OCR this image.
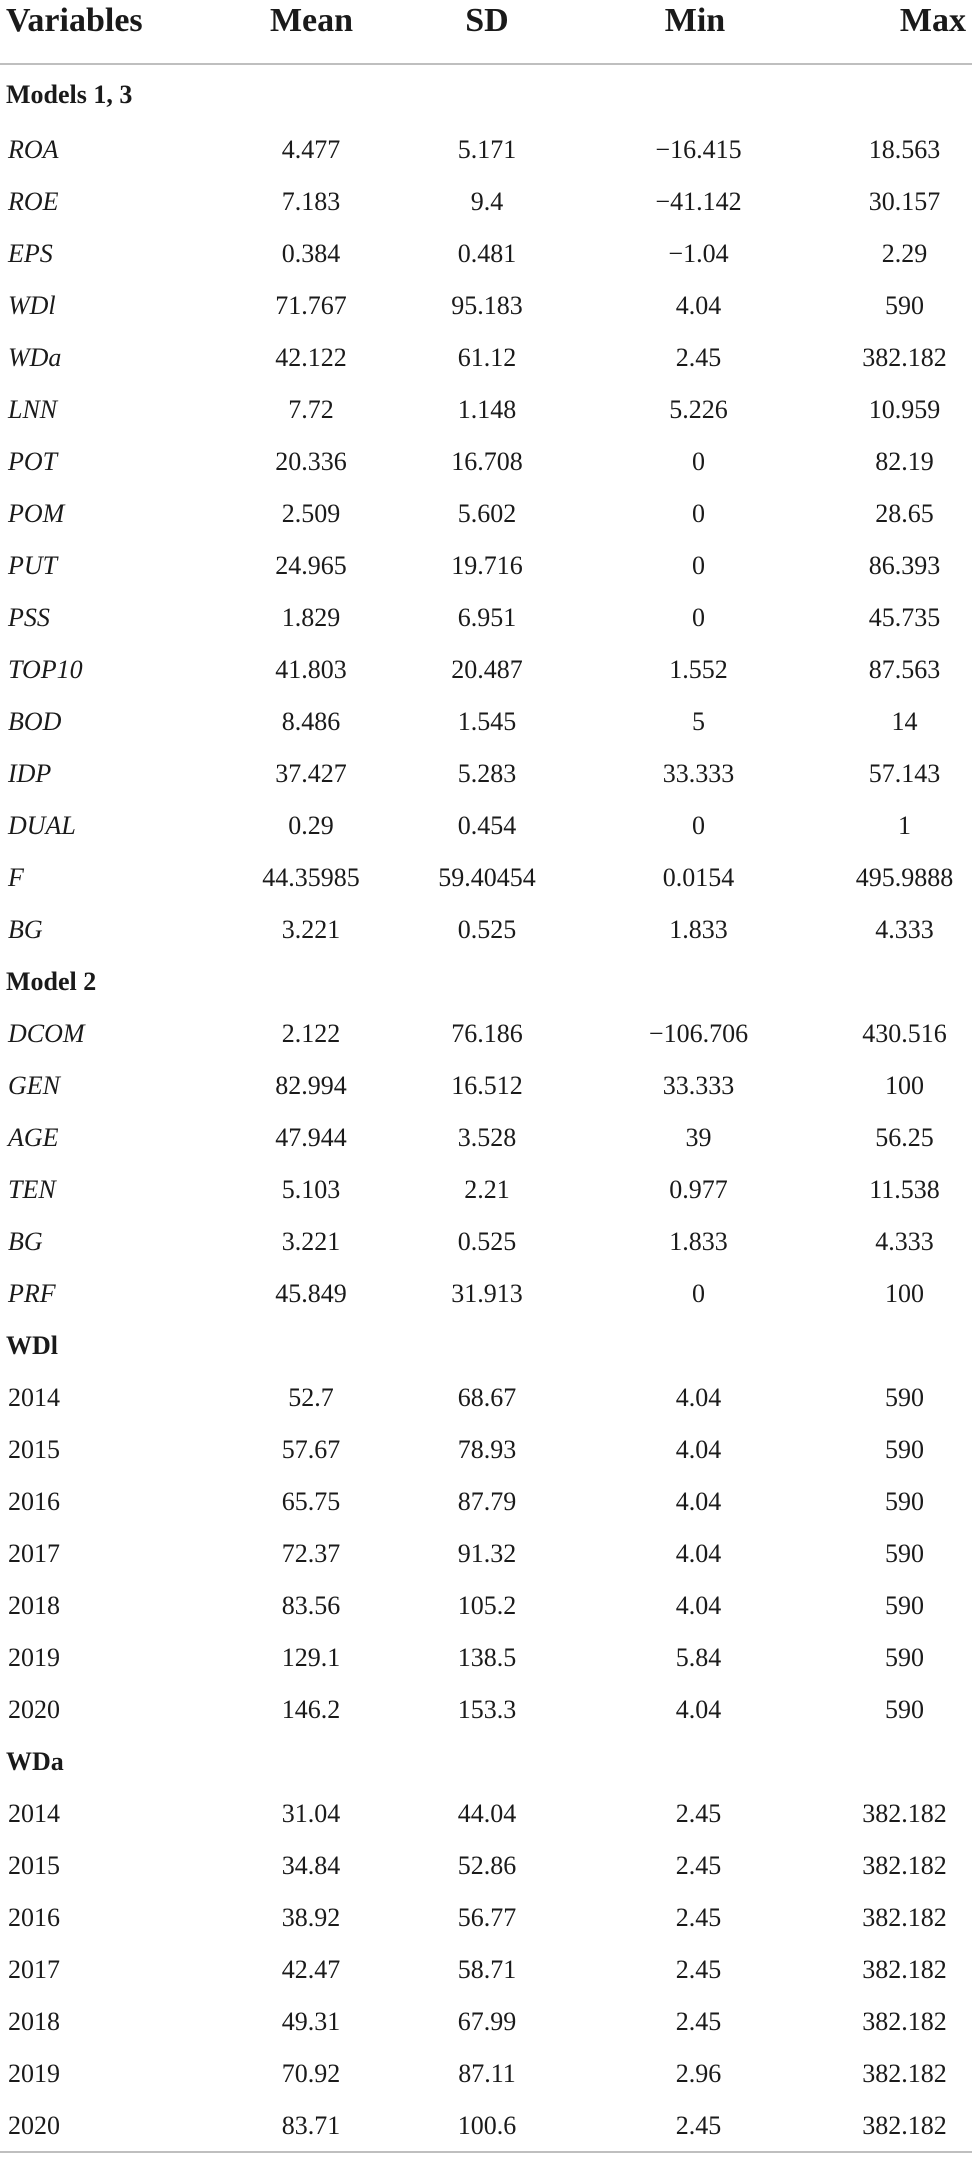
Variables	Mean	SD	Min	Max
Models 1, 3				
ROA	4.477	5.171	−16.415	18.563
ROE	7.183	9.4	−41.142	30.157
EPS	0.384	0.481	−1.04	2.29
WDl	71.767	95.183	4.04	590
WDa	42.122	61.12	2.45	382.182
LNN	7.72	1.148	5.226	10.959
POT	20.336	16.708	0	82.19
POM	2.509	5.602	0	28.65
PUT	24.965	19.716	0	86.393
PSS	1.829	6.951	0	45.735
TOP10	41.803	20.487	1.552	87.563
BOD	8.486	1.545	5	14
IDP	37.427	5.283	33.333	57.143
DUAL	0.29	0.454	0	1
F	44.35985	59.40454	0.0154	495.9888
BG	3.221	0.525	1.833	4.333
Model 2				
DCOM	2.122	76.186	−106.706	430.516
GEN	82.994	16.512	33.333	100
AGE	47.944	3.528	39	56.25
TEN	5.103	2.21	0.977	11.538
BG	3.221	0.525	1.833	4.333
PRF	45.849	31.913	0	100
WDl				
2014	52.7	68.67	4.04	590
2015	57.67	78.93	4.04	590
2016	65.75	87.79	4.04	590
2017	72.37	91.32	4.04	590
2018	83.56	105.2	4.04	590
2019	129.1	138.5	5.84	590
2020	146.2	153.3	4.04	590
WDa				
2014	31.04	44.04	2.45	382.182
2015	34.84	52.86	2.45	382.182
2016	38.92	56.77	2.45	382.182
2017	42.47	58.71	2.45	382.182
2018	49.31	67.99	2.45	382.182
2019	70.92	87.11	2.96	382.182
2020	83.71	100.6	2.45	382.182
